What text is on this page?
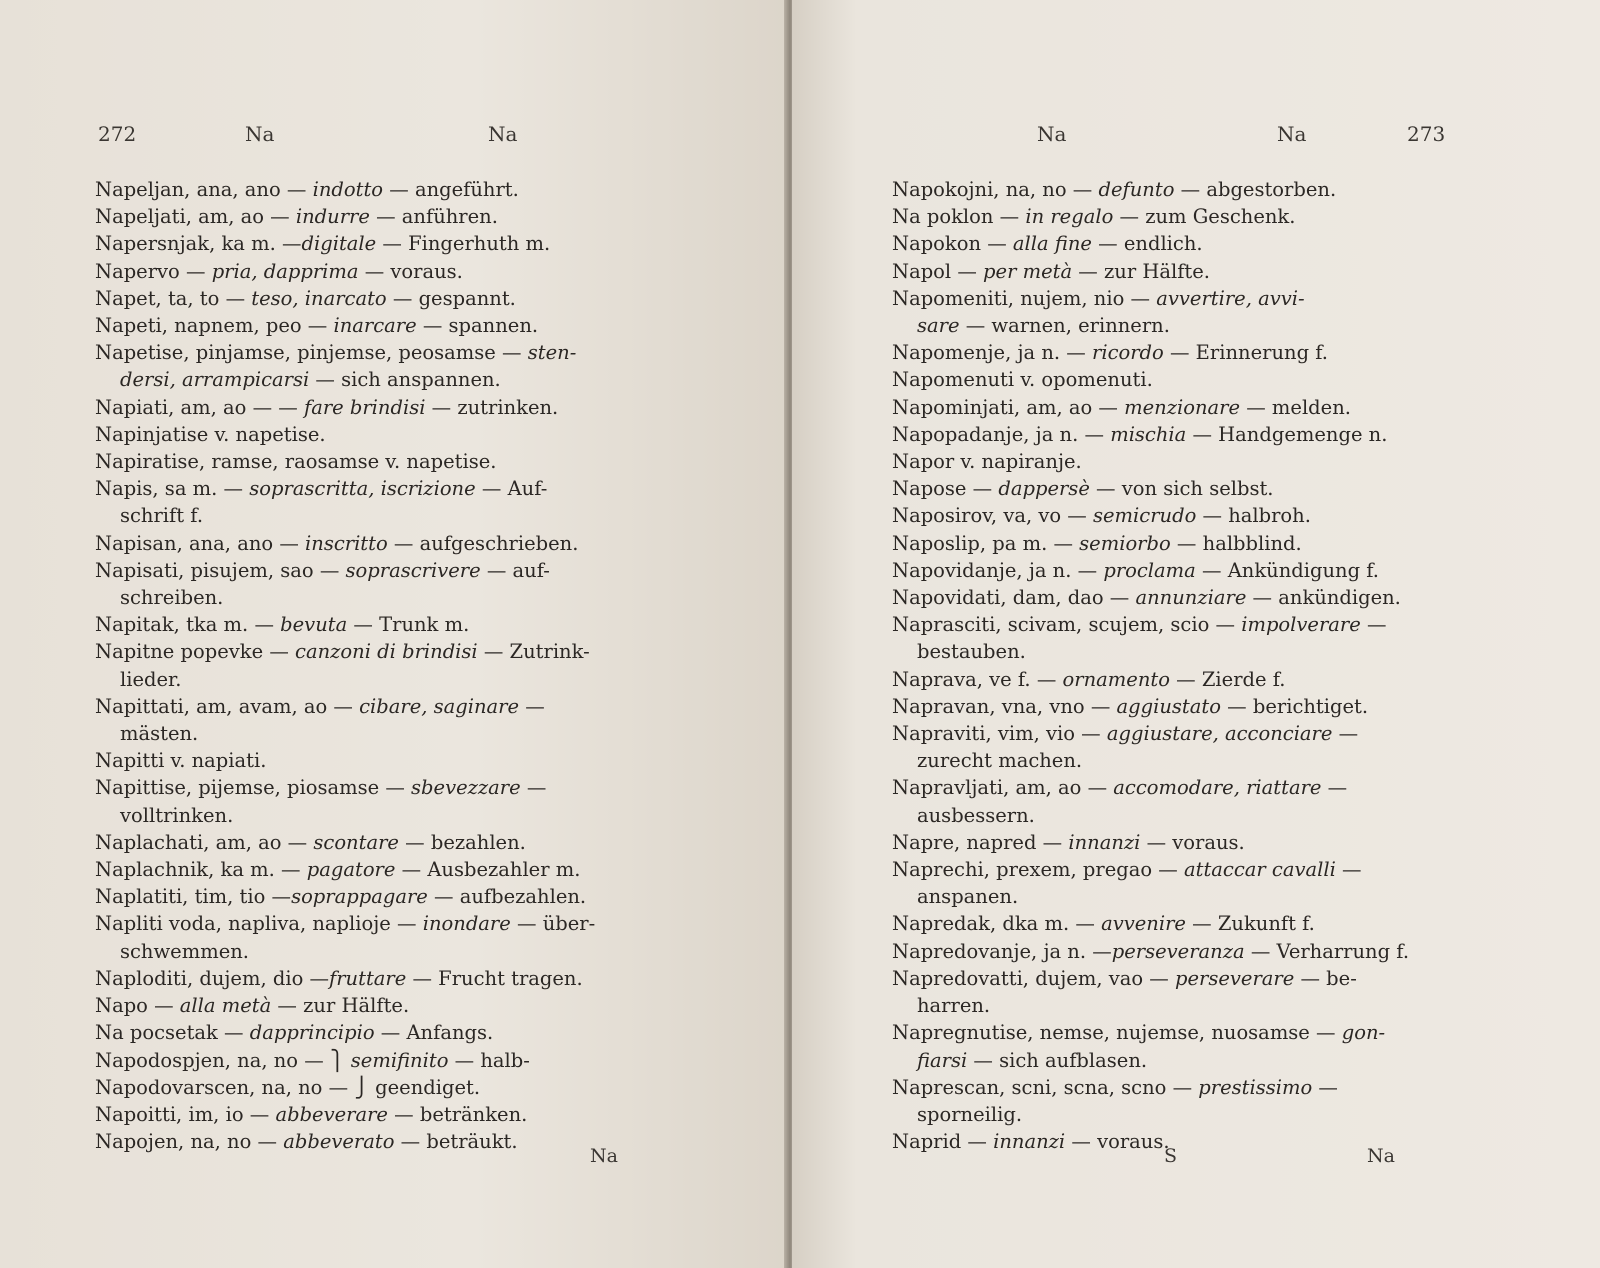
272	Na	Na
Napeljan, ana, ano — indotto — angeführt.
Napeljati, am, ao — indurre — anführen.
Napersnjak, ka m. —digitale — Fingerhuth m.
Napervo — pria, dapprima — voraus.
Napet, ta, to — teso, inarcato — gespannt.
Napeti, napnem, peo — inarcare — spannen.
Napetise, pinjamse, pinjemse, peosamse — sten-
dersi, arrampicarsi — sich anspannen.
Napiati, am, ao — — fare brindisi — zutrinken.
Napinjatise v. napetise.
Napiratise, ramse, raosamse v. napetise.
Napis, sa m. — soprascritta, iscrizione — Auf-
schrift f.
Napisan, ana, ano — inscritto — aufgeschrieben.
Napisati, pisujem, sao — soprascrivere — auf-
schreiben.
Napitak, tka m. — bevuta — Trunk m.
Napitne popevke — canzoni di brindisi — Zutrink-
lieder.
Napittati, am, avam, ao — cibare, saginare —
mästen.
Napitti v. napiati.
Napittise, pijemse, piosamse — sbevezzare —
volltrinken.
Naplachati, am, ao — scontare — bezahlen.
Naplachnik, ka m. — pagatore — Ausbezahler m.
Naplatiti, tim, tio —soprappagare — aufbezahlen.
Napliti voda, napliva, naplioje — inondare — über-
schwemmen.
Naploditi, dujem, dio —fruttare — Frucht tragen.
Napo — alla metà — zur Hälfte.
Na pocsetak — dapprincipio — Anfangs.
Napodospjen, na, no — ⎫ semifinito — halb-
Napodovarscen, na, no — ⎭ geendiget.
Napoitti, im, io — abbeverare — betränken.
Napojen, na, no — abbeverato — beträukt.
Na
Na	Na	273
Napokojni, na, no — defunto — abgestorben.
Na poklon — in regalo — zum Geschenk.
Napokon — alla fine — endlich.
Napol — per metà — zur Hälfte.
Napomeniti, nujem, nio — avvertire, avvi-
sare — warnen, erinnern.
Napomenje, ja n. — ricordo — Erinnerung f.
Napomenuti v. opomenuti.
Napominjati, am, ao — menzionare — melden.
Napopadanje, ja n. — mischia — Handgemenge n.
Napor v. napiranje.
Napose — dappersè — von sich selbst.
Naposirov, va, vo — semicrudo — halbroh.
Naposlip, pa m. — semiorbo — halbblind.
Napovidanje, ja n. — proclama — Ankündigung f.
Napovidati, dam, dao — annunziare — ankündigen.
Naprasciti, scivam, scujem, scio — impolverare —
bestauben.
Naprava, ve f. — ornamento — Zierde f.
Napravan, vna, vno — aggiustato — berichtiget.
Napraviti, vim, vio — aggiustare, acconciare —
zurecht machen.
Napravljati, am, ao — accomodare, riattare —
ausbessern.
Napre, napred — innanzi — voraus.
Naprechi, prexem, pregao — attaccar cavalli —
anspanen.
Napredak, dka m. — avvenire — Zukunft f.
Napredovanje, ja n. —perseveranza — Verharrung f.
Napredovatti, dujem, vao — perseverare — be-
harren.
Napregnutise, nemse, nujemse, nuosamse — gon-
fiarsi — sich aufblasen.
Naprescan, scni, scna, scno — prestissimo —
sporneilig.
Naprid — innanzi — voraus.
S	Na
